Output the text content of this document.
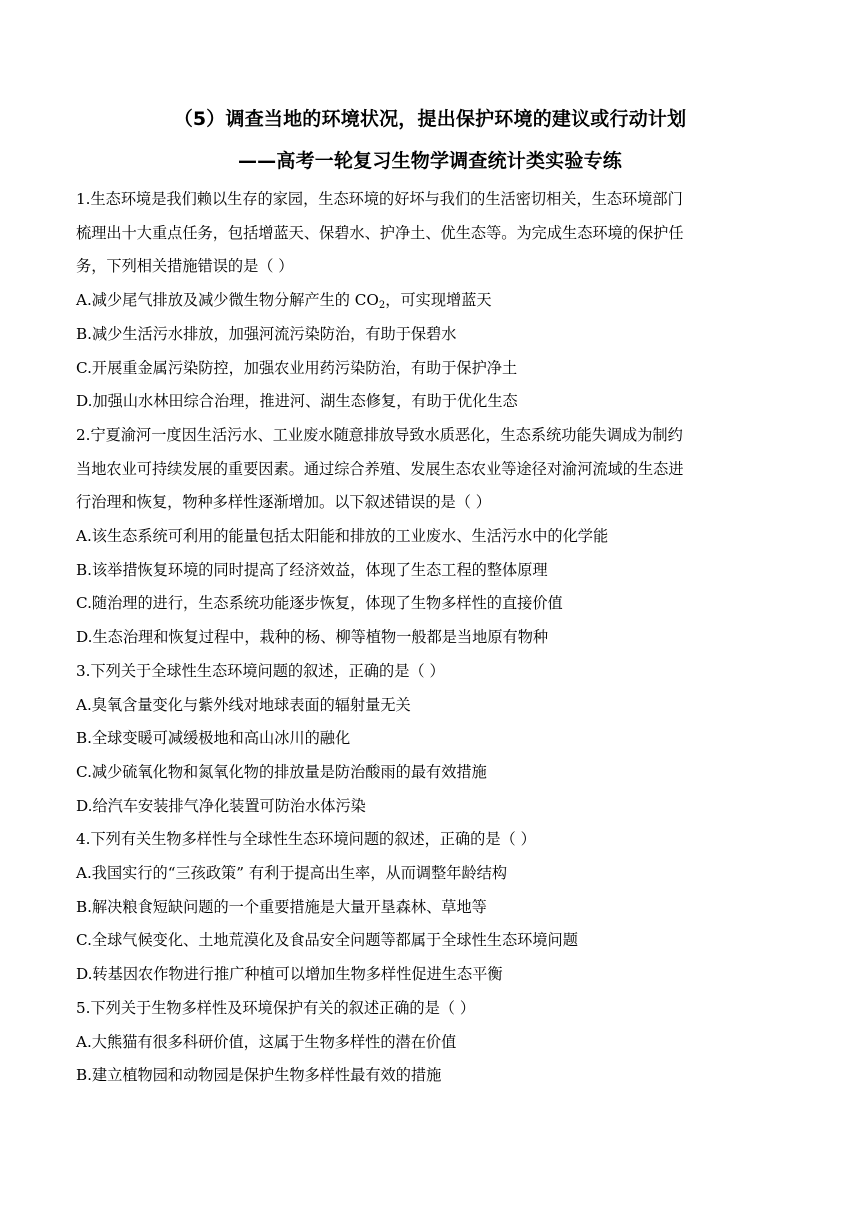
（5）调查当地的环境状况，提出保护环境的建议或行动计划
——高考一轮复习生物学调查统计类实验专练
1.生态环境是我们赖以生存的家园，生态环境的好坏与我们的生活密切相关，生态环境部门
梳理出十大重点任务，包括增蓝天、保碧水、护净土、优生态等。为完成生态环境的保护任
务，下列相关措施错误的是（ ）
A.减少尾气排放及减少微生物分解产生的 $CO_2$，可实现增蓝天
B.减少生活污水排放，加强河流污染防治，有助于保碧水
C.开展重金属污染防控，加强农业用药污染防治，有助于保护净土
D.加强山水林田综合治理，推进河、湖生态修复，有助于优化生态
2.宁夏渝河一度因生活污水、工业废水随意排放导致水质恶化，生态系统功能失调成为制约
当地农业可持续发展的重要因素。通过综合养殖、发展生态农业等途径对渝河流域的生态进
行治理和恢复，物种多样性逐渐增加。以下叙述错误的是（ ）
A.该生态系统可利用的能量包括太阳能和排放的工业废水、生活污水中的化学能
B.该举措恢复环境的同时提高了经济效益，体现了生态工程的整体原理
C.随治理的进行，生态系统功能逐步恢复，体现了生物多样性的直接价值
D.生态治理和恢复过程中，栽种的杨、柳等植物一般都是当地原有物种
3.下列关于全球性生态环境问题的叙述，正确的是（ ）
A.臭氧含量变化与紫外线对地球表面的辐射量无关
B.全球变暖可减缓极地和高山冰川的融化
C.减少硫氧化物和氮氧化物的排放量是防治酸雨的最有效措施
D.给汽车安装排气净化装置可防治水体污染
4.下列有关生物多样性与全球性生态环境问题的叙述，正确的是（ ）
A.我国实行的“三孩政策” 有利于提高出生率，从而调整年龄结构
B.解决粮食短缺问题的一个重要措施是大量开垦森林、草地等
C.全球气候变化、土地荒漠化及食品安全问题等都属于全球性生态环境问题
D.转基因农作物进行推广种植可以增加生物多样性促进生态平衡
5.下列关于生物多样性及环境保护有关的叙述正确的是（ ）
A.大熊猫有很多科研价值，这属于生物多样性的潜在价值
B.建立植物园和动物园是保护生物多样性最有效的措施
